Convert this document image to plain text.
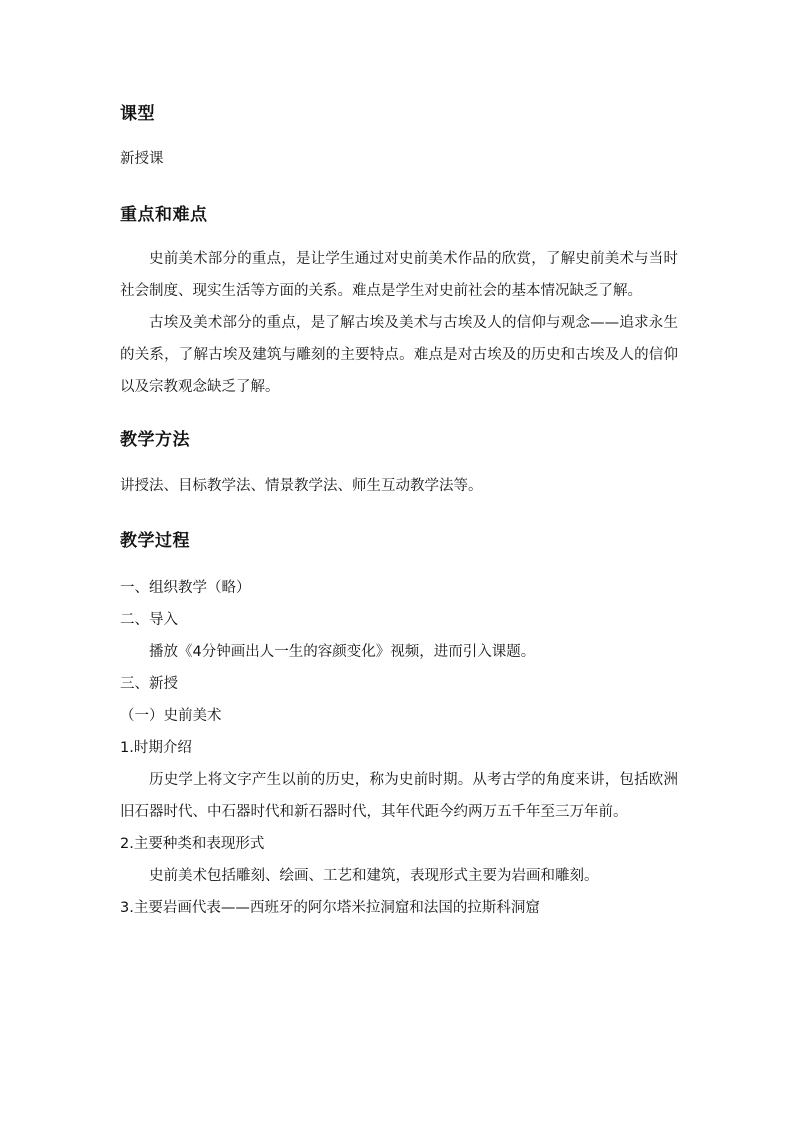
课型

新授课

重点和难点

史前美术部分的重点，是让学生通过对史前美术作品的欣赏，了解史前美术与当时社会制度、现实生活等方面的关系。难点是学生对史前社会的基本情况缺乏了解。

古埃及美术部分的重点，是了解古埃及美术与古埃及人的信仰与观念——追求永生的关系，了解古埃及建筑与雕刻的主要特点。难点是对古埃及的历史和古埃及人的信仰以及宗教观念缺乏了解。

教学方法

讲授法、目标教学法、情景教学法、师生互动教学法等。

教学过程

一、组织教学（略）

二、导入

播放《4分钟画出人一生的容颜变化》视频，进而引入课题。

三、新授

（一）史前美术

1.时期介绍

历史学上将文字产生以前的历史，称为史前时期。从考古学的角度来讲，包括欧洲旧石器时代、中石器时代和新石器时代，其年代距今约两万五千年至三万年前。

2.主要种类和表现形式

史前美术包括雕刻、绘画、工艺和建筑，表现形式主要为岩画和雕刻。

3.主要岩画代表——西班牙的阿尔塔米拉洞窟和法国的拉斯科洞窟
